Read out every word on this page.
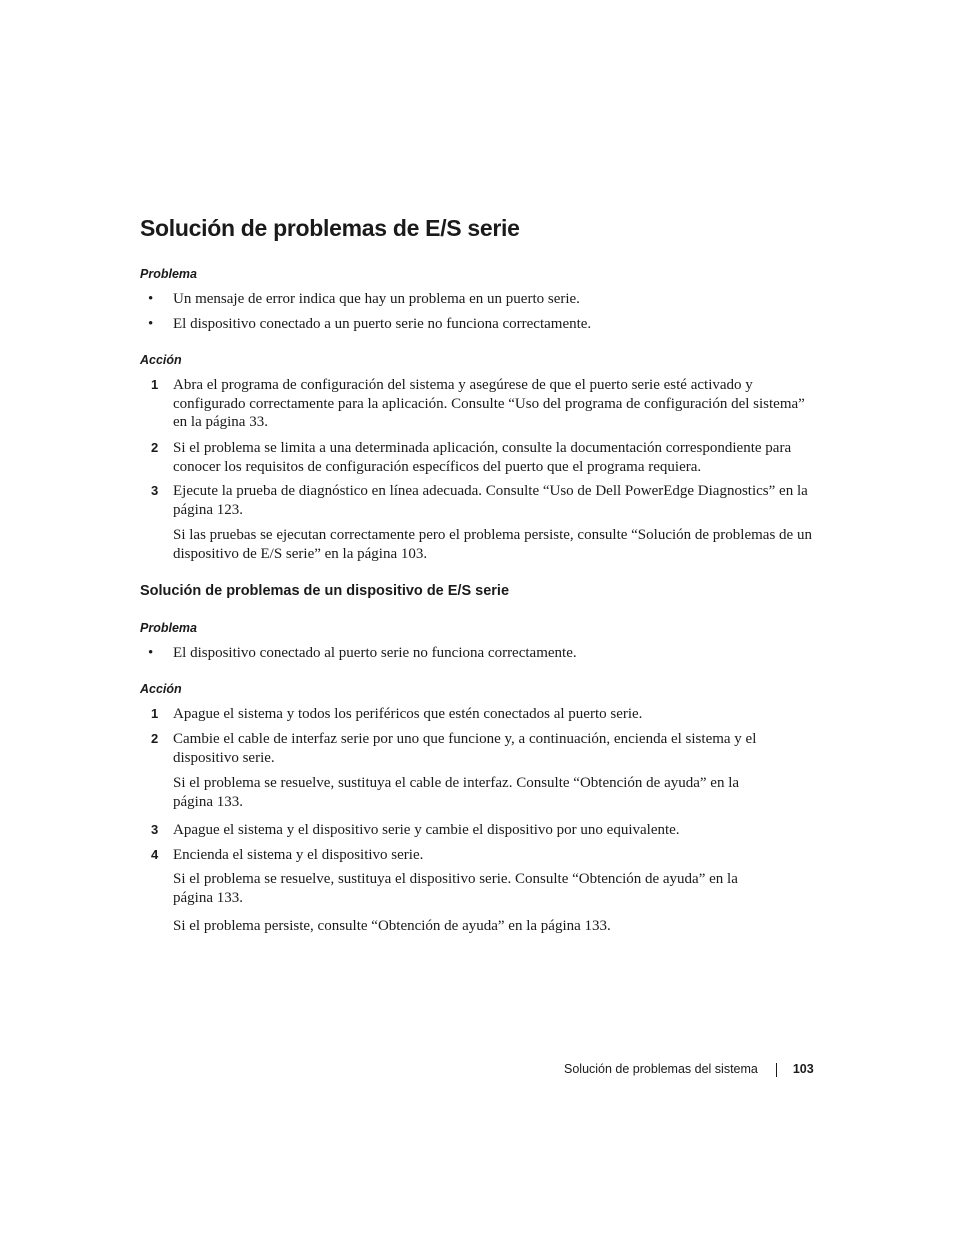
Solución de problemas de E/S serie
Problema
•	Un mensaje de error indica que hay un problema en un puerto serie.
•	El dispositivo conectado a un puerto serie no funciona correctamente.
Acción
1 Abra el programa de configuración del sistema y asegúrese de que el puerto serie esté activado y configurado correctamente para la aplicación. Consulte “Uso del programa de configuración del sistema” en la página 33.
2 Si el problema se limita a una determinada aplicación, consulte la documentación correspondiente para conocer los requisitos de configuración específicos del puerto que el programa requiera.
3 Ejecute la prueba de diagnóstico en línea adecuada. Consulte “Uso de Dell PowerEdge Diagnostics” en la página 123.
Si las pruebas se ejecutan correctamente pero el problema persiste, consulte “Solución de problemas de un dispositivo de E/S serie” en la página 103.
Solución de problemas de un dispositivo de E/S serie
Problema
•	El dispositivo conectado al puerto serie no funciona correctamente.
Acción
1 Apague el sistema y todos los periféricos que estén conectados al puerto serie.
2 Cambie el cable de interfaz serie por uno que funcione y, a continuación, encienda el sistema y el dispositivo serie.
Si el problema se resuelve, sustituya el cable de interfaz. Consulte “Obtención de ayuda” en la página 133.
3 Apague el sistema y el dispositivo serie y cambie el dispositivo por uno equivalente.
4 Encienda el sistema y el dispositivo serie.
Si el problema se resuelve, sustituya el dispositivo serie. Consulte “Obtención de ayuda” en la página 133.
Si el problema persiste, consulte “Obtención de ayuda” en la página 133.
Solución de problemas del sistema	103
